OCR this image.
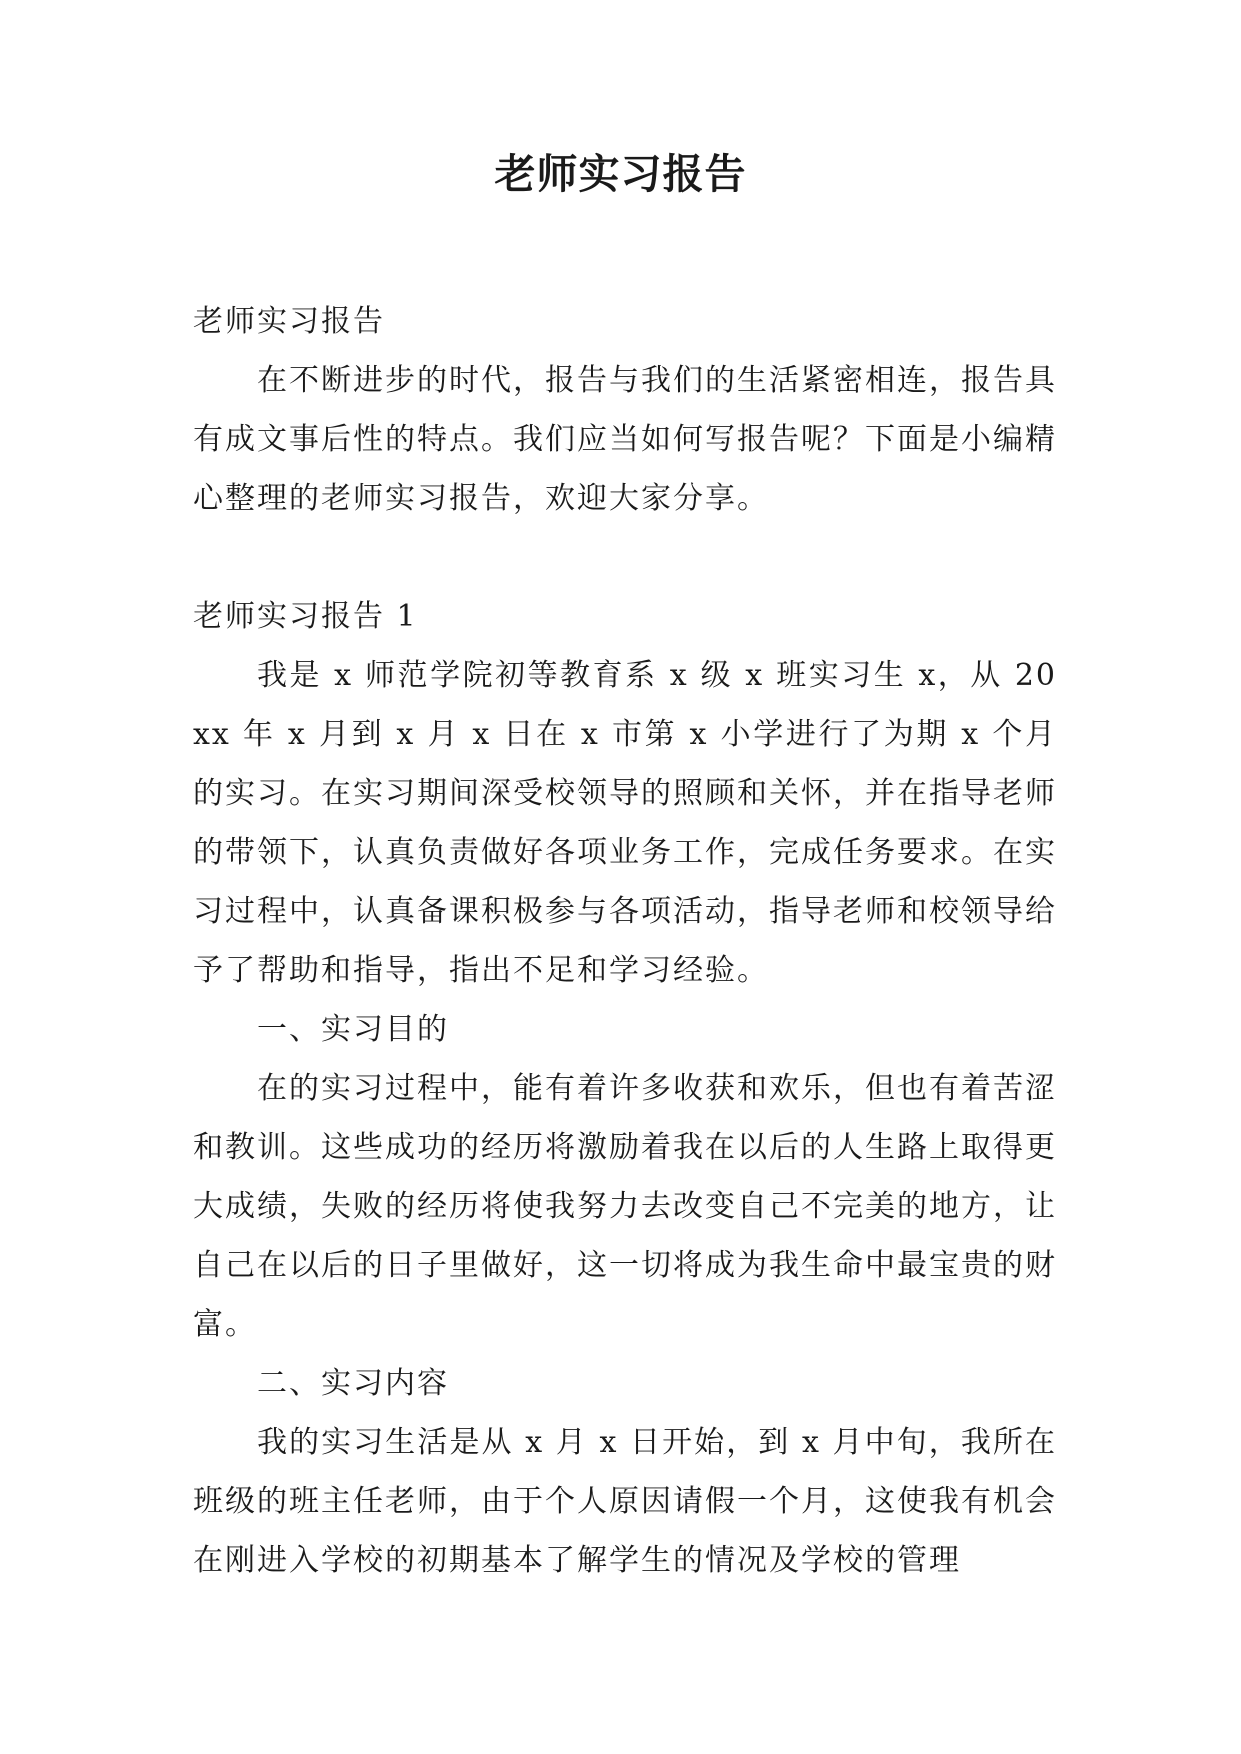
老师实习报告

老师实习报告

在不断进步的时代，报告与我们的生活紧密相连，报告具有成文事后性的特点。我们应当如何写报告呢？下面是小编精心整理的老师实习报告，欢迎大家分享。

老师实习报告 1

我是 x 师范学院初等教育系 x 级 x 班实习生 x，从 20xx 年 x 月到 x 月 x 日在 x 市第 x 小学进行了为期 x 个月的实习。在实习期间深受校领导的照顾和关怀，并在指导老师的带领下，认真负责做好各项业务工作，完成任务要求。在实习过程中，认真备课积极参与各项活动，指导老师和校领导给予了帮助和指导，指出不足和学习经验。

一、实习目的

在的实习过程中，能有着许多收获和欢乐，但也有着苦涩和教训。这些成功的经历将激励着我在以后的人生路上取得更大成绩，失败的经历将使我努力去改变自己不完美的地方，让自己在以后的日子里做好，这一切将成为我生命中最宝贵的财富。

二、实习内容

我的实习生活是从 x 月 x 日开始，到 x 月中旬，我所在班级的班主任老师，由于个人原因请假一个月，这使我有机会在刚进入学校的初期基本了解学生的情况及学校的管理
